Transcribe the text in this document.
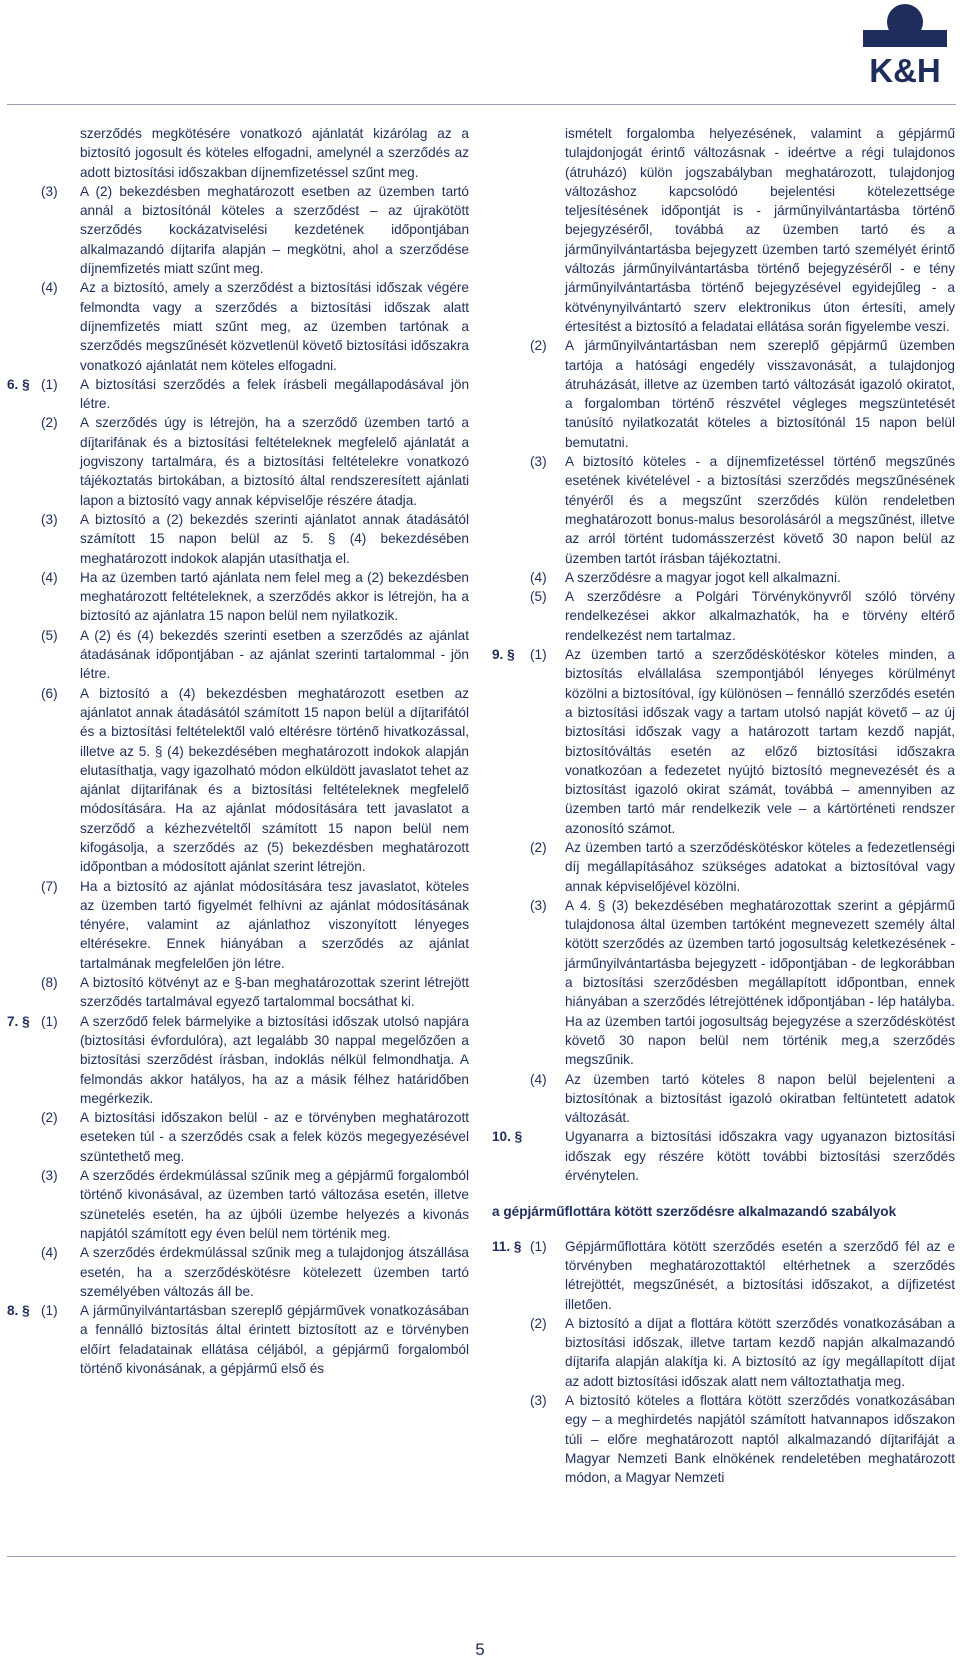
K&H
szerződés megkötésére vonatkozó ajánlatát kizárólag az a biztosító jogosult és köteles elfogadni, amelynél a szerződés az adott biztosítási időszakban díjnemfizetéssel szűnt meg.
(3) A (2) bekezdésben meghatározott esetben az üzemben tartó annál a biztosítónál köteles a szerződést – az újrakötött szerződés kockázatviselési kezdetének időpontjában alkalmazandó díjtarifa alapján – megkötni, ahol a szerződése díjnemfizetés miatt szűnt meg.
(4) Az a biztosító, amely a szerződést a biztosítási időszak végére felmondta vagy a szerződés a biztosítási időszak alatt díjnemfizetés miatt szűnt meg, az üzemben tartónak a szerződés megszűnését közvetlenül követő biztosítási időszakra vonatkozó ajánlatát nem köteles elfogadni.
6. § (1) A biztosítási szerződés a felek írásbeli megállapodásával jön létre.
(2) A szerződés úgy is létrejön, ha a szerződő üzemben tartó a díjtarifának és a biztosítási feltételeknek megfelelő ajánlatát a jogviszony tartalmára, és a biztosítási feltételekre vonatkozó tájékoztatás birtokában, a biztosító által rendszeresített ajánlati lapon a biztosító vagy annak képviselője részére átadja.
(3) A biztosító a (2) bekezdés szerinti ajánlatot annak átadásától számított 15 napon belül az 5. § (4) bekezdésében meghatározott indokok alapján utasíthatja el.
(4) Ha az üzemben tartó ajánlata nem felel meg a (2) bekezdésben meghatározott feltételeknek, a szerződés akkor is létrejön, ha a biztosító az ajánlatra 15 napon belül nem nyilatkozik.
(5) A (2) és (4) bekezdés szerinti esetben a szerződés az ajánlat átadásának időpontjában - az ajánlat szerinti tartalommal - jön létre.
(6) A biztosító a (4) bekezdésben meghatározott esetben az ajánlatot annak átadásától számított 15 napon belül a díjtarifától és a biztosítási feltételektől való eltérésre történő hivatkozással, illetve az 5. § (4) bekezdésében meghatározott indokok alapján elutasíthatja, vagy igazolható módon elküldött javaslatot tehet az ajánlat díjtarifának és a biztosítási feltételeknek megfelelő módosítására. Ha az ajánlat módosítására tett javaslatot a szerződő a kézhezvételtől számított 15 napon belül nem kifogásolja, a szerződés az (5) bekezdésben meghatározott időpontban a módosított ajánlat szerint létrejön.
(7) Ha a biztosító az ajánlat módosítására tesz javaslatot, köteles az üzemben tartó figyelmét felhívni az ajánlat módosításának tényére, valamint az ajánlathoz viszonyított lényeges eltérésekre. Ennek hiányában a szerződés az ajánlat tartalmának megfelelően jön létre.
(8) A biztosító kötvényt az e §-ban meghatározottak szerint létrejött szerződés tartalmával egyező tartalommal bocsáthat ki.
7. § (1) A szerződő felek bármelyike a biztosítási időszak utolsó napjára (biztosítási évfordulóra), azt legalább 30 nappal megelőzően a biztosítási szerződést írásban, indoklás nélkül felmondhatja. A felmondás akkor hatályos, ha az a másik félhez határidőben megérkezik.
(2) A biztosítási időszakon belül - az e törvényben meghatározott eseteken túl - a szerződés csak a felek közös megegyezésével szüntethető meg.
(3) A szerződés érdekmúlással szűnik meg a gépjármű forgalomból történő kivonásával, az üzemben tartó változása esetén, illetve szünetelés esetén, ha az újbóli üzembe helyezés a kivonás napjától számított egy éven belül nem történik meg.
(4) A szerződés érdekmúlással szűnik meg a tulajdonjog átszállása esetén, ha a szerződéskötésre kötelezett üzemben tartó személyében változás áll be.
8. § (1) A járműnyilvántartásban szereplő gépjárművek vonatkozásában a fennálló biztosítás által érintett biztosított az e törvényben előírt feladatainak ellátása céljából, a gépjármű forgalomból történő kivonásának, a gépjármű első és
ismételt forgalomba helyezésének, valamint a gépjármű tulajdonjogát érintő változásnak - ideértve a régi tulajdonos (átruházó) külön jogszabályban meghatározott, tulajdonjog változáshoz kapcsolódó bejelentési kötelezettsége teljesítésének időpontját is - járműnyilvántartásba történő bejegyzéséről, továbbá az üzemben tartó és a járműnyilvántartásba bejegyzett üzemben tartó személyét érintő változás járműnyilvántartásba történő bejegyzéséről - e tény járműnyilvántartásba történő bejegyzésével egyidejűleg - a kötvénynyilvántartó szerv elektronikus úton értesíti, amely értesítést a biztosító a feladatai ellátása során figyelembe veszi.
(2) A járműnyilvántartásban nem szereplő gépjármű üzemben tartója a hatósági engedély visszavonását, a tulajdonjog átruházását, illetve az üzemben tartó változását igazoló okiratot, a forgalomban történő részvétel végleges megszüntetését tanúsító nyilatkozatát köteles a biztosítónál 15 napon belül bemutatni.
(3) A biztosító köteles - a díjnemfizetéssel történő megszűnés esetének kivételével - a biztosítási szerződés megszűnésének tényéről és a megszűnt szerződés külön rendeletben meghatározott bonus-malus besorolásáról a megszűnést, illetve az arról történt tudomásszerzést követő 30 napon belül az üzemben tartót írásban tájékoztatni.
(4) A szerződésre a magyar jogot kell alkalmazni.
(5) A szerződésre a Polgári Törvénykönyvről szóló törvény rendelkezései akkor alkalmazhatók, ha e törvény eltérő rendelkezést nem tartalmaz.
9. § (1) Az üzemben tartó a szerződéskötéskor köteles minden, a biztosítás elvállalása szempontjából lényeges körülményt közölni a biztosítóval, így különösen – fennálló szerződés esetén a biztosítási időszak vagy a tartam utolsó napját követő – az új biztosítási időszak vagy a határozott tartam kezdő napját, biztosítóváltás esetén az előző biztosítási időszakra vonatkozóan a fedezetet nyújtó biztosító megnevezését és a biztosítást igazoló okirat számát, továbbá – amennyiben az üzemben tartó már rendelkezik vele – a kártörténeti rendszer azonosító számot.
(2) Az üzemben tartó a szerződéskötéskor köteles a fedezetlenségi díj megállapításához szükséges adatokat a biztosítóval vagy annak képviselőjével közölni.
(3) A 4. § (3) bekezdésében meghatározottak szerint a gépjármű tulajdonosa által üzemben tartóként megnevezett személy által kötött szerződés az üzemben tartó jogosultság keletkezésének - járműnyilvántartásba bejegyzett - időpontjában - de legkorábban a biztosítási szerződésben megállapított időpontban, ennek hiányában a szerződés létrejöttének időpontjában - lép hatályba. Ha az üzemben tartói jogosultság bejegyzése a szerződéskötést követő 30 napon belül nem történik meg,a szerződés megszűnik.
(4) Az üzemben tartó köteles 8 napon belül bejelenteni a biztosítónak a biztosítást igazoló okiratban feltüntetett adatok változását.
10. §	Ugyanarra a biztosítási időszakra vagy ugyanazon biztosítási időszak egy részére kötött további biztosítási szerződés érvénytelen.
a gépjárműflottára kötött szerződésre alkalmazandó szabályok
11. § (1) Gépjárműflottára kötött szerződés esetén a szerződő fél az e törvényben meghatározottaktól eltérhetnek a szerződés létrejöttét, megszűnését, a biztosítási időszakot, a díjfizetést illetően.
(2) A biztosító a díjat a flottára kötött szerződés vonatkozásában a biztosítási időszak, illetve tartam kezdő napján alkalmazandó díjtarifa alapján alakítja ki. A biztosító az így megállapított díjat az adott biztosítási időszak alatt nem változtathatja meg.
(3) A biztosító köteles a flottára kötött szerződés vonatkozásában egy – a meghirdetés napjától számított hatvannapos időszakon túli – előre meghatározott naptól alkalmazandó díjtarifáját a Magyar Nemzeti Bank elnökének rendeletében meghatározott módon, a Magyar Nemzeti
5
